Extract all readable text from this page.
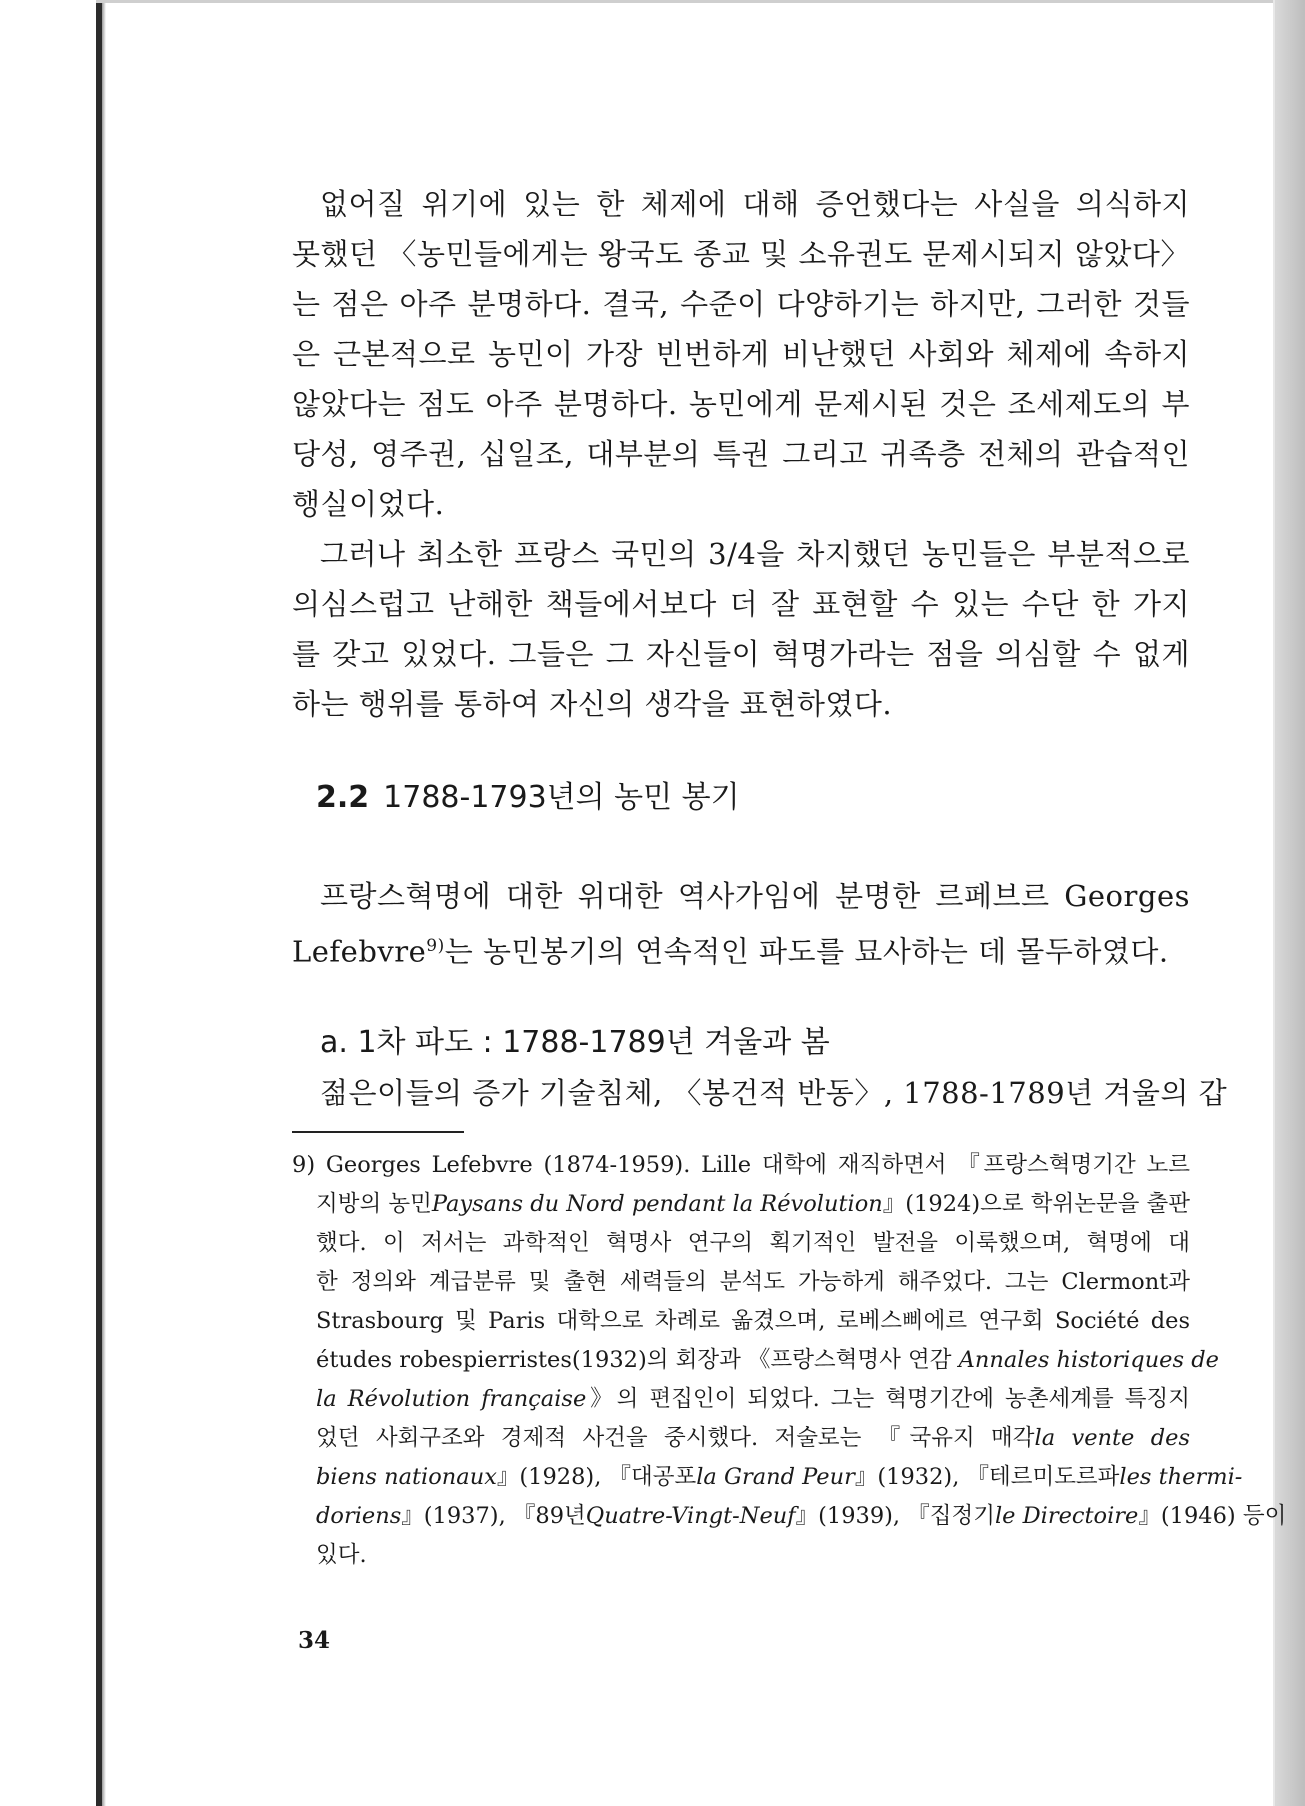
없어질 위기에 있는 한 체제에 대해 증언했다는 사실을 의식하지
못했던 〈농민들에게는 왕국도 종교 및 소유권도 문제시되지 않았다〉
는 점은 아주 분명하다. 결국, 수준이 다양하기는 하지만, 그러한 것들
은 근본적으로 농민이 가장 빈번하게 비난했던 사회와 체제에 속하지
않았다는 점도 아주 분명하다. 농민에게 문제시된 것은 조세제도의 부
당성, 영주권, 십일조, 대부분의 특권 그리고 귀족층 전체의 관습적인
행실이었다.
그러나 최소한 프랑스 국민의 3/4을 차지했던 농민들은 부분적으로
의심스럽고 난해한 책들에서보다 더 잘 표현할 수 있는 수단 한 가지
를 갖고 있었다. 그들은 그 자신들이 혁명가라는 점을 의심할 수 없게
하는 행위를 통하여 자신의 생각을 표현하였다.
2.2 1788-1793년의 농민 봉기
프랑스혁명에 대한 위대한 역사가임에 분명한 르페브르 Georges
Lefebvre$^{9)}$는 농민봉기의 연속적인 파도를 묘사하는 데 몰두하였다.
a. 1차 파도 : 1788-1789년 겨울과 봄
젊은이들의 증가 기술침체, 〈봉건적 반동〉, 1788-1789년 겨울의 갑
9) Georges Lefebvre (1874-1959). Lille 대학에 재직하면서 『프랑스혁명기간 노르
지방의 농민Paysans du Nord pendant la Révolution』(1924)으로 학위논문을 출판
했다. 이 저서는 과학적인 혁명사 연구의 획기적인 발전을 이룩했으며, 혁명에 대
한 정의와 계급분류 및 출현 세력들의 분석도 가능하게 해주었다. 그는 Clermont과
Strasbourg 및 Paris 대학으로 차례로 옮겼으며, 로베스삐에르 연구회 Société des
études robespierristes(1932)의 회장과 《프랑스혁명사 연감 Annales historiques de
la Révolution française》의 편집인이 되었다. 그는 혁명기간에 농촌세계를 특징지
었던 사회구조와 경제적 사건을 중시했다. 저술로는 『국유지 매각la vente des
biens nationaux』(1928), 『대공포la Grand Peur』(1932), 『테르미도르파les thermi-
doriens』(1937), 『89년Quatre-Vingt-Neuf』(1939), 『집정기le Directoire』(1946) 등이
있다.
34
